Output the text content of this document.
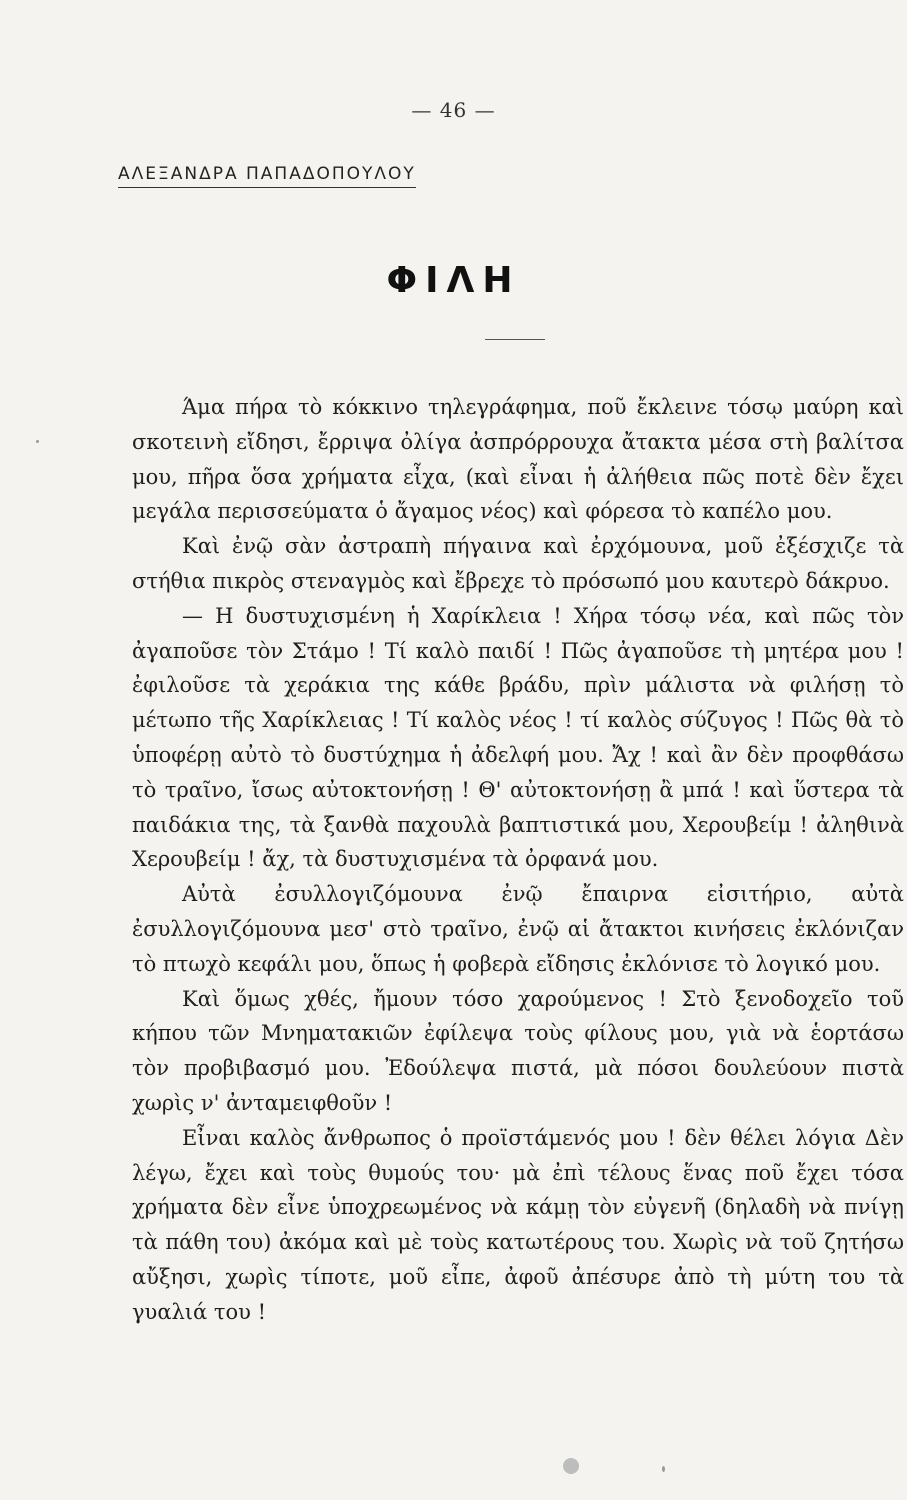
— 46 —
ΑΛΕΞΑΝΔΡΑ ΠΑΠΑΔΟΠΟΥΛΟΥ
ΦΙΛΗ

Άμα πήρα τὸ κόκκινο τηλεγράφημα, ποῦ ἔκλεινε τόσῳ μαύρη καὶ σκοτεινὴ εἴδησι, ἔρριψα ὀλίγα ἀσπρόρρουχα ἄτακτα μέσα στὴ βαλίτσα μου, πῆρα ὅσα χρήματα εἶχα, (καὶ εἶναι ἡ ἀλήθεια πῶς ποτὲ δὲν ἔχει μεγάλα περισσεύματα ὁ ἄγαμος νέος) καὶ φόρεσα τὸ καπέλο μου.

Καὶ ἐνῷ σὰν ἀστραπὴ πήγαινα καὶ ἐρχόμουνα, μοῦ ἐξέσχιζε τὰ στήθια πικρὸς στεναγμὸς καὶ ἔβρεχε τὸ πρόσωπό μου καυτερὸ δάκρυο.

— Η δυστυχισμένη ἡ Χαρίκλεια ! Χήρα τόσῳ νέα, καὶ πῶς τὸν ἀγαποῦσε τὸν Στάμο ! Τί καλὸ παιδί ! Πῶς ἀγαποῦσε τὴ μητέρα μου ! ἐφιλοῦσε τὰ χεράκια της κάθε βράδυ, πρὶν μάλιστα νὰ φιλήσῃ τὸ μέτωπο τῆς Χαρίκλειας ! Τί καλὸς νέος ! τί καλὸς σύζυγος ! Πῶς θὰ τὸ ὑποφέρῃ αὐτὸ τὸ δυστύχημα ἡ ἀδελφή μου. Ἄχ ! καὶ ἂν δὲν προφθάσω τὸ τραῖνο, ἴσως αὐτοκτονήσῃ ! Θ' αὐτοκτονήσῃ ἂ μπά ! καὶ ὕστερα τὰ παιδάκια της, τὰ ξανθὰ παχουλὰ βαπτιστικά μου, Χερουβείμ ! ἀληθινὰ Χερουβείμ ! ἄχ, τὰ δυστυχισμένα τὰ ὀρφανά μου.

Αὐτὰ ἐσυλλογιζόμουνα ἐνῷ ἔπαιρνα εἰσιτήριο, αὐτὰ ἐσυλλογιζόμουνα μεσ' στὸ τραῖνο, ἐνῷ αἱ ἄτακτοι κινήσεις ἐκλόνιζαν τὸ πτωχὸ κεφάλι μου, ὅπως ἡ φοβερὰ εἴδησις ἐκλόνισε τὸ λογικό μου.

Καὶ ὅμως χθές, ἤμουν τόσο χαρούμενος ! Στὸ ξενοδοχεῖο τοῦ κήπου τῶν Μνηματακιῶν ἐφίλεψα τοὺς φίλους μου, γιὰ νὰ ἑορτάσω τὸν προβιβασμό μου. Ἐδούλεψα πιστά, μὰ πόσοι δουλεύουν πιστὰ χωρὶς ν' ἀνταμειφθοῦν !

Εἶναι καλὸς ἄνθρωπος ὁ προϊστάμενός μου ! δὲν θέλει λόγια Δὲν λέγω, ἔχει καὶ τοὺς θυμούς του· μὰ ἐπὶ τέλους ἕνας ποῦ ἔχει τόσα χρήματα δὲν εἶνε ὑποχρεωμένος νὰ κάμῃ τὸν εὐγενῆ (δηλαδὴ νὰ πνίγῃ τὰ πάθη του) ἀκόμα καὶ μὲ τοὺς κατωτέρους του. Χωρὶς νὰ τοῦ ζητήσω αὔξησι, χωρὶς τίποτε, μοῦ εἶπε, ἀφοῦ ἀπέσυρε ἀπὸ τὴ μύτη του τὰ γυαλιά του !
